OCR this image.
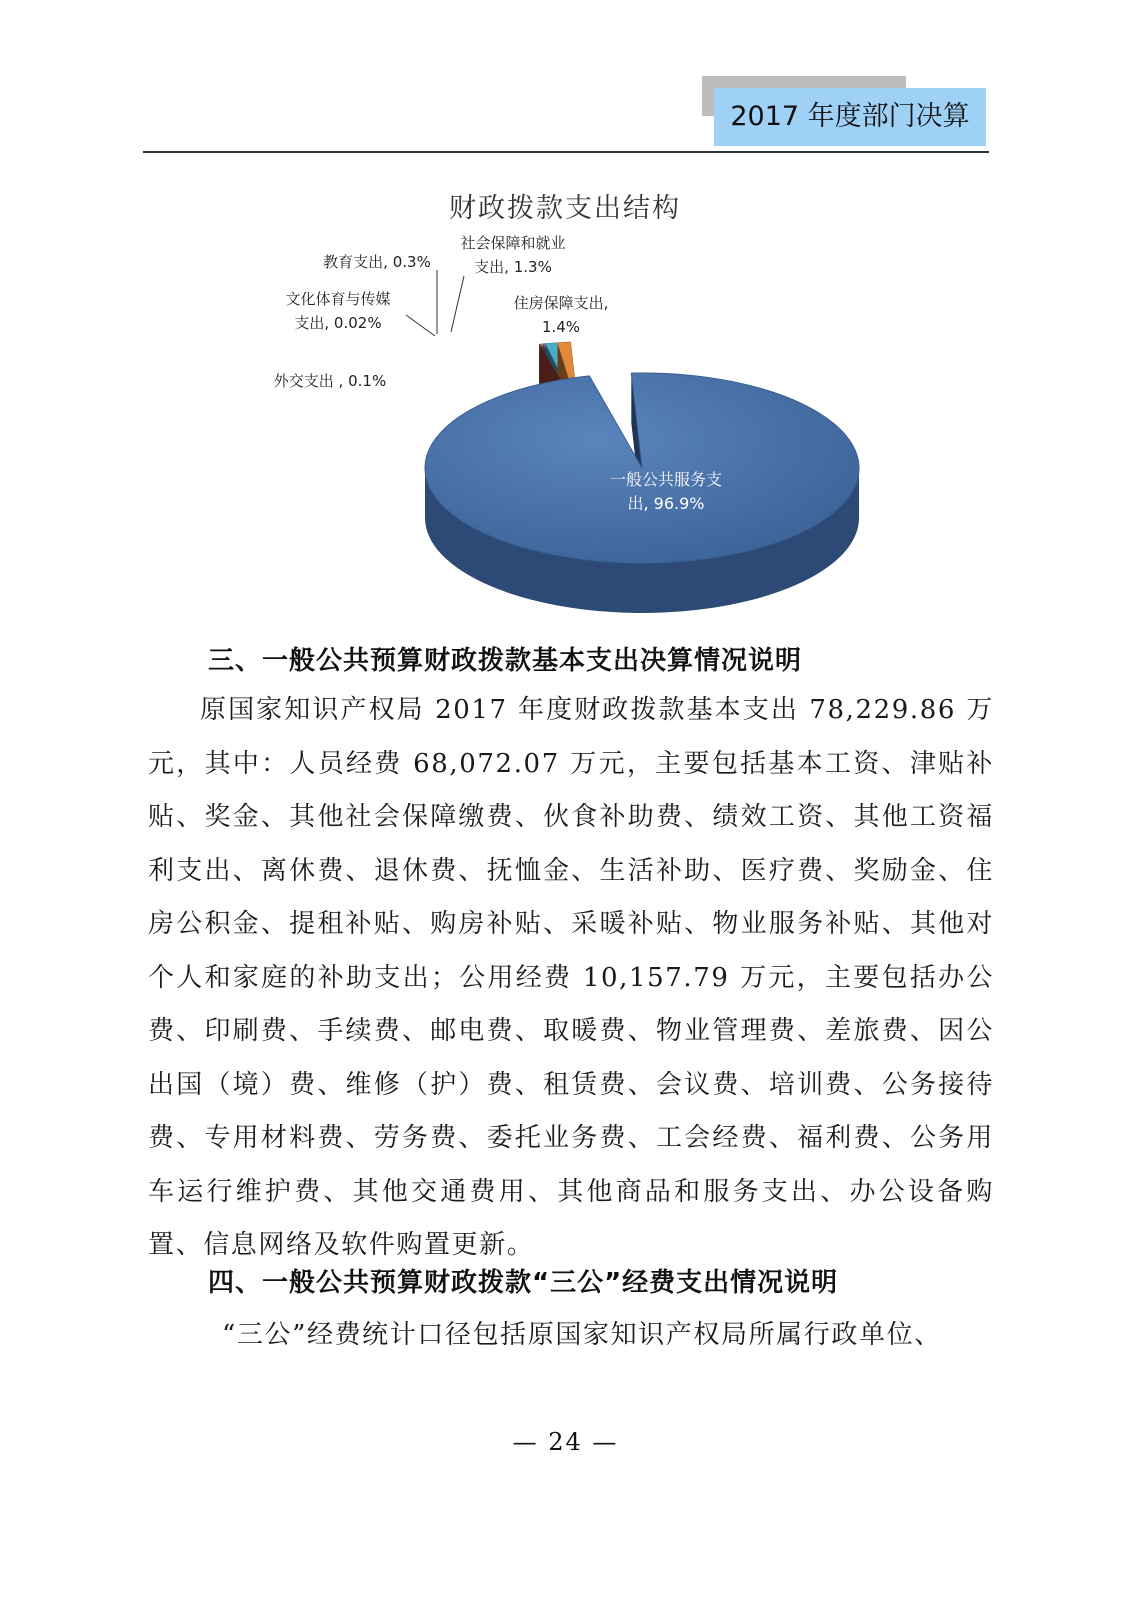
2017 年度部门决算
财政拨款支出结构
一般公共服务支出, 96.9%
住房保障支出, 1.4%
社会保障和就业支出, 1.3%
教育支出, 0.3%
文化体育与传媒支出, 0.02%
外交支出 , 0.1%
三、一般公共预算财政拨款基本支出决算情况说明

原国家知识产权局 2017 年度财政拨款基本支出 78,229.86 万元，其中：人员经费 68,072.07 万元，主要包括基本工资、津贴补贴、奖金、其他社会保障缴费、伙食补助费、绩效工资、其他工资福利支出、离休费、退休费、抚恤金、生活补助、医疗费、奖励金、住房公积金、提租补贴、购房补贴、采暖补贴、物业服务补贴、其他对个人和家庭的补助支出；公用经费 10,157.79 万元，主要包括办公费、印刷费、手续费、邮电费、取暖费、物业管理费、差旅费、因公出国（境）费、维修（护）费、租赁费、会议费、培训费、公务接待费、专用材料费、劳务费、委托业务费、工会经费、福利费、公务用车运行维护费、其他交通费用、其他商品和服务支出、办公设备购置、信息网络及软件购置更新。

四、一般公共预算财政拨款“三公”经费支出情况说明
“三公”经费统计口径包括原国家知识产权局所属行政单位、
— 24 —
